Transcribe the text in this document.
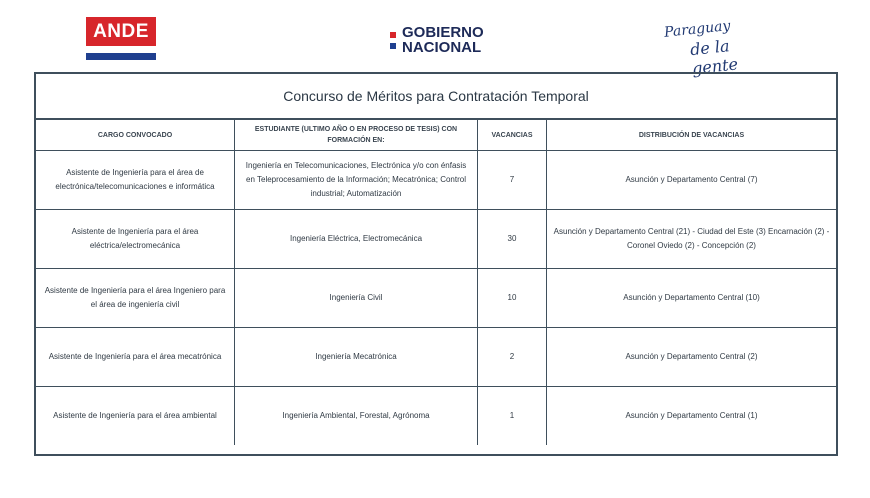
ANDE	GOBIERNO
NACIONAL
Paraguay
de la gente
Concurso de Méritos para Contratación Temporal
CARGO CONVOCADO	ESTUDIANTE (ULTIMO AÑO O EN PROCESO DE TESIS) CON FORMACIÓN EN:	VACANCIAS	DISTRIBUCIÓN DE VACANCIAS
Asistente de Ingeniería para el área de electrónica/telecomunicaciones e informática	Ingeniería en Telecomunicaciones, Electrónica y/o con énfasis en Teleprocesamiento de la Información; Mecatrónica; Control industrial; Automatización	7	Asunción y Departamento Central (7)
Asistente de Ingeniería para el área eléctrica/electromecánica	Ingeniería Eléctrica, Electromecánica	30	Asunción y Departamento Central (21) - Ciudad del Este (3) Encarnación (2) - Coronel Oviedo (2) - Concepción (2)
Asistente de Ingeniería para el área Ingeniero para el área de ingeniería civil	Ingeniería Civil	10	Asunción y Departamento Central (10)
Asistente de Ingeniería para el área mecatrónica	Ingeniería Mecatrónica	2	Asunción y Departamento Central (2)
Asistente de Ingeniería para el área ambiental	Ingeniería Ambiental, Forestal, Agrónoma	1	Asunción y Departamento Central (1)
